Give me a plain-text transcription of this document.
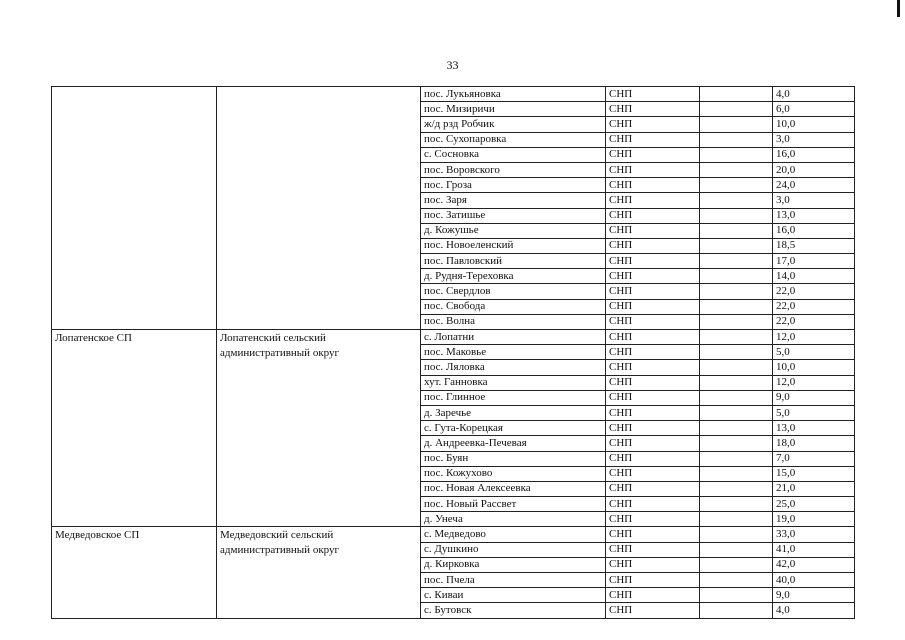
33
		пос. Лукьяновка	СНП		4,0
		пос. Мизиричи	СНП		6,0
		ж/д рзд Робчик	СНП		10,0
		пос. Сухопаровка	СНП		3,0
		с. Сосновка	СНП		16,0
		пос. Воровского	СНП		20,0
		пос. Гроза	СНП		24,0
		пос. Заря	СНП		3,0
		пос. Затишье	СНП		13,0
		д. Кожушье	СНП		16,0
		пос. Новоеленский	СНП		18,5
		пос. Павловский	СНП		17,0
		д. Рудня-Тереховка	СНП		14,0
		пос. Свердлов	СНП		22,0
		пос. Свобода	СНП		22,0
		пос. Волна	СНП		22,0
Лопатенское СП	Лопатенский сельский административный округ	с. Лопатни	СНП		12,0
		пос. Маковье	СНП		5,0
		пос. Ляловка	СНП		10,0
		хут. Ганновка	СНП		12,0
		пос. Глинное	СНП		9,0
		д. Заречье	СНП		5,0
		с. Гута-Корецкая	СНП		13,0
		д. Андреевка-Печевая	СНП		18,0
		пос. Буян	СНП		7,0
		пос. Кожухово	СНП		15,0
		пос. Новая Алексеевка	СНП		21,0
		пос. Новый Рассвет	СНП		25,0
		д. Унеча	СНП		19,0
Медведовское СП	Медведовский сельский административный округ	с. Медведово	СНП		33,0
		с. Душкино	СНП		41,0
		д. Кирковка	СНП		42,0
		пос. Пчела	СНП		40,0
		с. Киваи	СНП		9,0
		с. Бутовск	СНП		4,0
